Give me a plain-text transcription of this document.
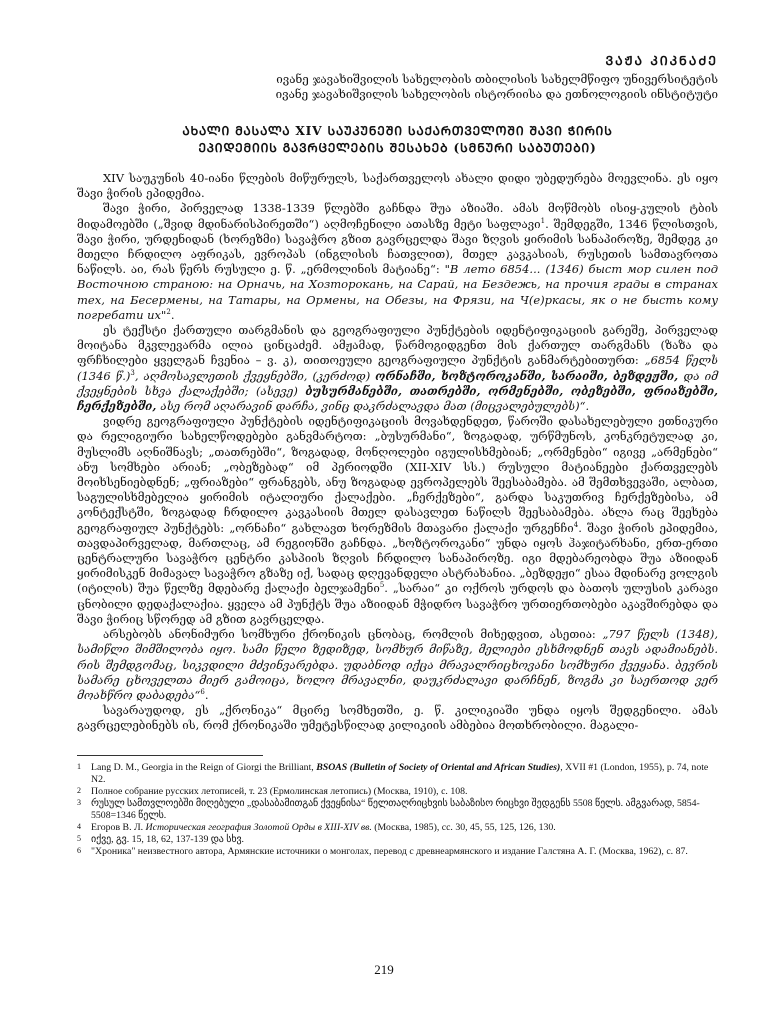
ᲕᲐᲟᲐ ᲙᲘᲙᲜᲐᲫᲔ
ივანე ჯავახიშვილის სახელობის თბილისის სახელმწიფო უნივერსიტეტის
ივანე ჯავახიშვილის სახელობის ისტორიისა და ეთნოლოგიის ინსტიტუტი
ᲐᲮᲐᲚᲘ ᲛᲐᲡᲐᲚᲐ XIV ᲡᲐᲣᲙᲣᲜᲔᲨᲘ ᲡᲐᲥᲐᲠᲗᲕᲔᲚᲝᲨᲘ ᲨᲐᲕᲘ ᲭᲘᲠᲘᲡ
ᲔᲞᲘᲓᲔᲛᲘᲘᲡ ᲒᲐᲕᲠᲪᲔᲚᲔᲑᲘᲡ ᲨᲔᲡᲐᲮᲔᲑ (ᲡᲛᲜᲣᲠᲘ ᲡᲐᲑᲣᲗᲔᲑᲘ)

XIV საუკუნის 40-იანი წლების მიწურულს, საქართველოს ახალი დიდი უბედურება მოევლინა. ეს იყო შავი ჭირის ეპიდემია.

შავი ჭირი, პირველად 1338-1339 წლებში გაჩნდა შუა აზიაში. ამას მოწმობს ისიყ-კულის ტბის მიდამოებში („შვიდ მდინარისპირეთში“) აღმოჩენილი ათასზე მეტი საფლავი$^1$. შემდეგში, 1346 წლისთვის, შავი ჭირი, ურდენიდან (ხორეზმი) სავაჭრო გზით გავრცელდა შავი ზღვის ყირიმის სანაპიროზე, შემდეგ კი მთელი ჩრდილო აფრიკას, ევროპას (ინგლისის ჩათვლით), მთელ კავკასიას, რუსეთის სამთავროთა ნაწილს. აი, რას წერს რუსული ე. წ. „ერმოლინის მატიანე“: "В лето 6854... (1346) быст мор силен под Восточною страною: на Орначь, на Хозторокань, на Сарай, на Бездежь, на прочия грады в странах тех, на Бесермены, на Татары, на Ормены, на Обезы, на Фрязи, на Ч(е)ркасы, як о не бысть кому погребати их"$^2$.

ეს ტექსტი ქართული თარგმანის და გეოგრაფიული პუნქტების იდენტიფიკაციის გარეშე, პირველად მოიტანა მკვლევარმა ილია ცინცაძემ. ამჟამად, წარმოგიდგენთ მის ქართულ თარგმანს (ზაზა და ფრჩხილები ყველგან ჩვენია – ვ. კ), თითოეული გეოგრაფიული პუნქტის განმარტებითურთ: „6854 წელს (1346 წ.)$^3$, აღმოსავლეთის ქვეყნებში, (კერძოდ) ორნაჩში, ხოზტოროკანში, სარაიში, ბეზდეჟში, და იმ ქვეყნების სხვა ქალაქებში; (ასევე) ბუსურმანებში, თათრებში, ორმენებში, ობეზებში, ფრიაზებში, ჩერქეზებში, ასე რომ აღარავინ დარჩა, ვინც დაკრძალავდა მათ (მიცვალებულებს)“.

ვიდრე გეოგრაფიული პუნქტების იდენტიფიკაციის მოვახდენდეთ, წაროში დასახელებული ეთნიკური და რელიგიური სახელწოდებები განვმარტოთ: „ბუსურმანი“, ზოგადად, ურწმუნოს, კონკრეტულად კი, მუსლიმს აღნიშნავს; „თათრებში“, ზოგადად, მონღოლები იგულისხმებიან; „ორმენები“ იგივე „არმენები“ ანუ სომხები არიან; „ობეზებად“ იმ პერიოდში (XII-XIV სს.) რუსული მატიანეები ქართველებს მოიხსენიებდნენ; „ფრიაზები“ ფრანგებს, ანუ ზოგადად ევროპელებს შეესაბამება. ამ შემთხვევაში, ალბათ, საგულისხმებელია ყირიმის იტალიური ქალაქები. „ჩერქეზები“, გარდა საკუთრივ ჩერქეზებისა, ამ კონტექსტში, ზოგადად ჩრდილო კავკასიის მთელ დასავლეთ ნაწილს შეესაბამება. ახლა რაც შეეხება გეოგრაფიულ პუნქტებს: „ორნაჩი“ გახლავთ ხორეზმის მთავარი ქალაქი ურგენჩი$^4$. შავი ჭირის ეპიდემია, თავდაპირველად, მართლაც, ამ რეგიონში გაჩნდა. „ხოზტოროკანი“ უნდა იყოს ჰაჯიტარხანი, ერთ-ერთი ცენტრალური სავაჭრო ცენტრი კასპიის ზღვის ჩრდილო სანაპიროზე. იგი მდებარეობდა შუა აზიიდან ყირიმისკენ მიმავალ სავაჭრო გზაზე იქ, სადაც დღევანდელი ასტრახანია. „ბეზდეჟი“ ესაა მდინარე ვოლგის (იტილის) შუა წელზე მდებარე ქალაქი ბელჯამენი$^5$. „სარაი“ კი ოქროს ურდოს და ბათოს ულუსის კარავი ცნობილი დედაქალაქია. ყველა ამ პუნქტს შუა აზიიდან მჭიდრო სავაჭრო ურთიერთობები აკავშირებდა და შავი ჭირიც სწორედ ამ გზით გავრცელდა.

არსებობს ანონიმური სომხური ქრონიკის ცნობაც, რომლის მიხედვით, ასეთია: „797 წელს (1348), სამიწლი შიმშილობა იყო. სამი წელი ზედიზედ, სომხურ მიწაზე, მელიები ესხმოდნენ თავს ადამიანებს. რის შემდგომაც, სიკვდილი მძვინვარებდა. უდაბნოდ იქცა მრავალრიცხოვანი სომხური ქვეყანა. ბევრის სამარე ცხოველთა მიერ გამოიცა, ხოლო მრავალნი, დაუკრძალავი დარჩნენ, ზოგმა კი საერთოდ ვერ მოახწრო დაბადება“$^6$.

სავარაუდოდ, ეს „ქრონიკა“ მცირე სომხეთში, ე. წ. კილიკიაში უნდა იყოს შედგენილი. ამას გავრცელებინებს ის, რომ ქრონიკაში უმეტესწილად კილიკიის ამბებია მოთხრობილი. მაგალი-

1 Lang D. M., Georgia in the Reign of Giorgi the Brilliant, BSOAS (Bulletin of Society of Oriental and African Studies), XVII #1 (London, 1955), p. 74, note N2.
2 Полное собрание русских летописей, т. 23 (Ермолинская летопись) (Москва, 1910), с. 108.
3 რუსულ სამთვლოებში მიღებული „დასაბამითგან ქვეყნისა“ წელთაღრიცხვის საბაზისო რიცხვი შედგენს 5508 წელს. ამგვარად, 5854-5508=1346 წელს.
4 Егоров В. Л. Историческая география Золотой Орды в XIII-XIV вв. (Москва, 1985), сс. 30, 45, 55, 125, 126, 130.
5 იქვე, გვ. 15, 18, 62, 137-139 და სხვ.
6 "Хроника" неизвестного автора, Армянские источники о монголах, перевод с древнеармянского и издание Галстяна А. Г. (Москва, 1962), с. 87.
219
